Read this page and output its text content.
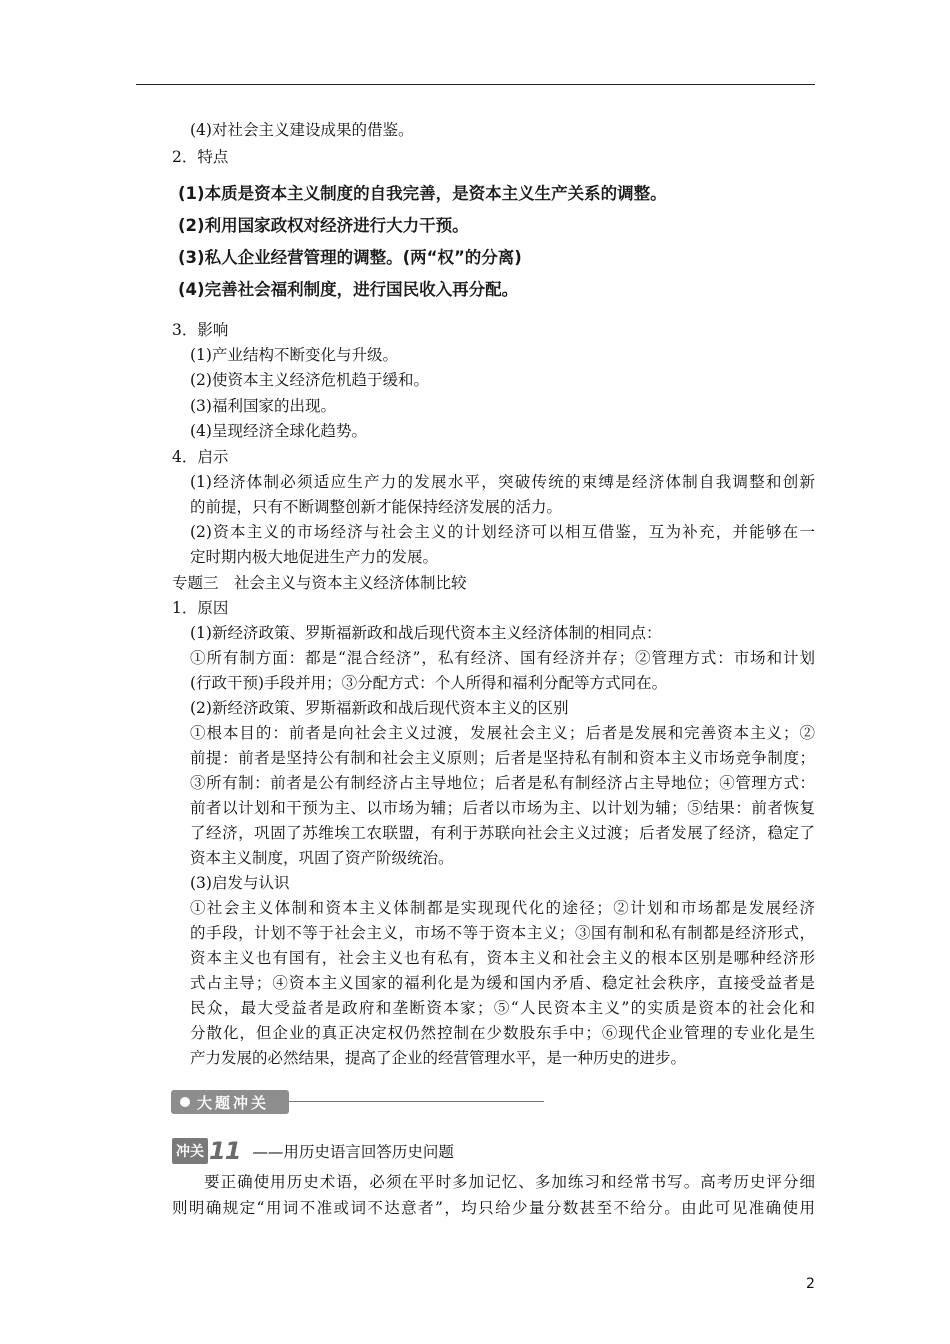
(4)对社会主义建设成果的借鉴。
2．特点
(1)本质是资本主义制度的自我完善，是资本主义生产关系的调整。
(2)利用国家政权对经济进行大力干预。
(3)私人企业经营管理的调整。(两“权”的分离)
(4)完善社会福利制度，进行国民收入再分配。
3．影响
(1)产业结构不断变化与升级。
(2)使资本主义经济危机趋于缓和。
(3)福利国家的出现。
(4)呈现经济全球化趋势。
4．启示
(1)经济体制必须适应生产力的发展水平，突破传统的束缚是经济体制自我调整和创新
的前提，只有不断调整创新才能保持经济发展的活力。
(2)资本主义的市场经济与社会主义的计划经济可以相互借鉴，互为补充，并能够在一
定时期内极大地促进生产力的发展。
专题三　社会主义与资本主义经济体制比较
1．原因
(1)新经济政策、罗斯福新政和战后现代资本主义经济体制的相同点：
①所有制方面：都是“混合经济”，私有经济、国有经济并存；②管理方式：市场和计划
(行政干预)手段并用；③分配方式：个人所得和福利分配等方式同在。
(2)新经济政策、罗斯福新政和战后现代资本主义的区别
①根本目的：前者是向社会主义过渡，发展社会主义；后者是发展和完善资本主义；②
前提：前者是坚持公有制和社会主义原则；后者是坚持私有制和资本主义市场竞争制度；
③所有制：前者是公有制经济占主导地位；后者是私有制经济占主导地位；④管理方式：
前者以计划和干预为主、以市场为辅；后者以市场为主、以计划为辅；⑤结果：前者恢复
了经济，巩固了苏维埃工农联盟，有利于苏联向社会主义过渡；后者发展了经济，稳定了
资本主义制度，巩固了资产阶级统治。
(3)启发与认识
①社会主义体制和资本主义体制都是实现现代化的途径；②计划和市场都是发展经济
的手段，计划不等于社会主义，市场不等于资本主义；③国有制和私有制都是经济形式，
资本主义也有国有，社会主义也有私有，资本主义和社会主义的根本区别是哪种经济形
式占主导；④资本主义国家的福利化是为缓和国内矛盾、稳定社会秩序，直接受益者是
民众，最大受益者是政府和垄断资本家；⑤“人民资本主义”的实质是资本的社会化和
分散化，但企业的真正决定权仍然控制在少数股东手中；⑥现代企业管理的专业化是生
产力发展的必然结果，提高了企业的经营管理水平，是一种历史的进步。
大题冲关
冲关 11 ——用历史语言回答历史问题
要正确使用历史术语，必须在平时多加记忆、多加练习和经常书写。高考历史评分细
则明确规定“用词不准或词不达意者”，均只给少量分数甚至不给分。由此可见准确使用
2
